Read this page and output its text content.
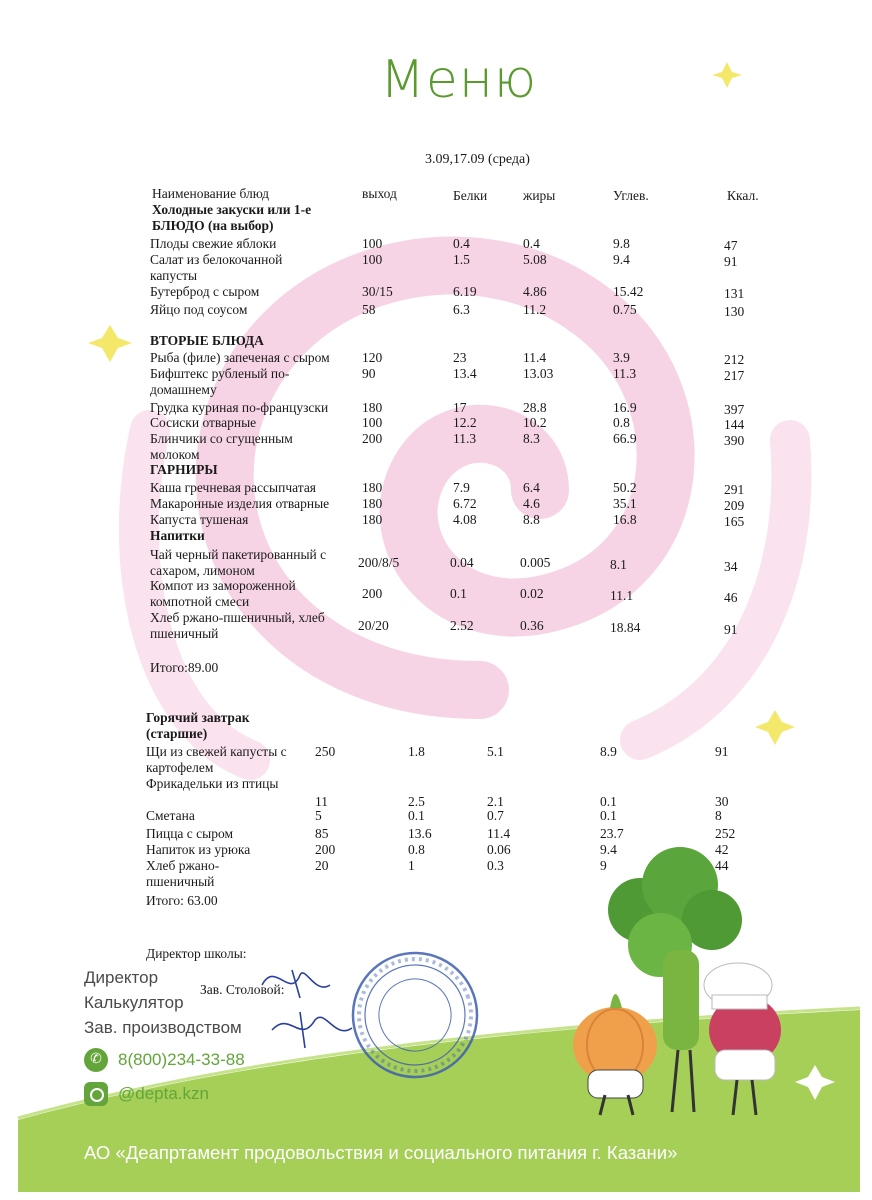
Меню
3.09,17.09 (среда)
Наименование блюд	выход	Белки	жиры	Углев.	Ккал.
Холодные закуски или 1-е
БЛЮДО (на выбор)
Плоды свежие яблоки	100	0.4	0.4	9.8	47
Салат из белокочанной
капусты
100	1.5	5.08	9.4	91
Бутерброд с сыром	30/15	6.19	4.86	15.42	131
Яйцо под соусом	58	6.3	11.2	0.75	130
ВТОРЫЕ БЛЮДА
Рыба (филе) запеченая с сыром 120	23	11.4	3.9	212
Бифштекс рубленый по-
домашнему
90	13.4	13.03	11.3	217
Грудка куриная по-французски	180	17	28.8	16.9	397
Сосиски отварные	100	12.2	10.2	0.8	144
Блинчики со сгущенным
молоком
200	11.3	8.3	66.9	390
ГАРНИРЫ
Каша гречневая рассыпчатая	180	7.9	6.4	50.2	291
Макаронные изделия отварные 180	6.72	4.6	35.1	209
Капуста тушеная	180	4.08	8.8	16.8	165
Напитки
Чай черный пакетированный с
сахаром, лимоном
200/8/5	0.04	0.005	8.1	34
Компот из замороженной
компотной смеси
200	0.1	0.02	11.1	46
Хлеб ржано-пшеничный, хлеб
пшеничный
20/20	2.52	0.36	18.84	91
Итого:89.00
Горячий завтрак
(старшие)
Щи из свежей капусты с
картофелем
250	1.8	5.1	8.9	91
Фрикадельки из птицы
11	2.5	2.1	0.1	30
Сметана	5	0.1	0.7	0.1	8
Пицца с сыром	85	13.6	11.4	23.7	252
Напиток из урюка	200	0.8	0.06	9.4	42
Хлеб ржано-
пшеничный
20	1	0.3	9	44
Итого: 63.00
Директор школы:
Зав. Столовой:
Директор
Калькулятор
Зав. производством
✆ 8(800)234-33-88
@depta.kzn
АО «Деапртамент продовольствия и социального питания г. Казани»
